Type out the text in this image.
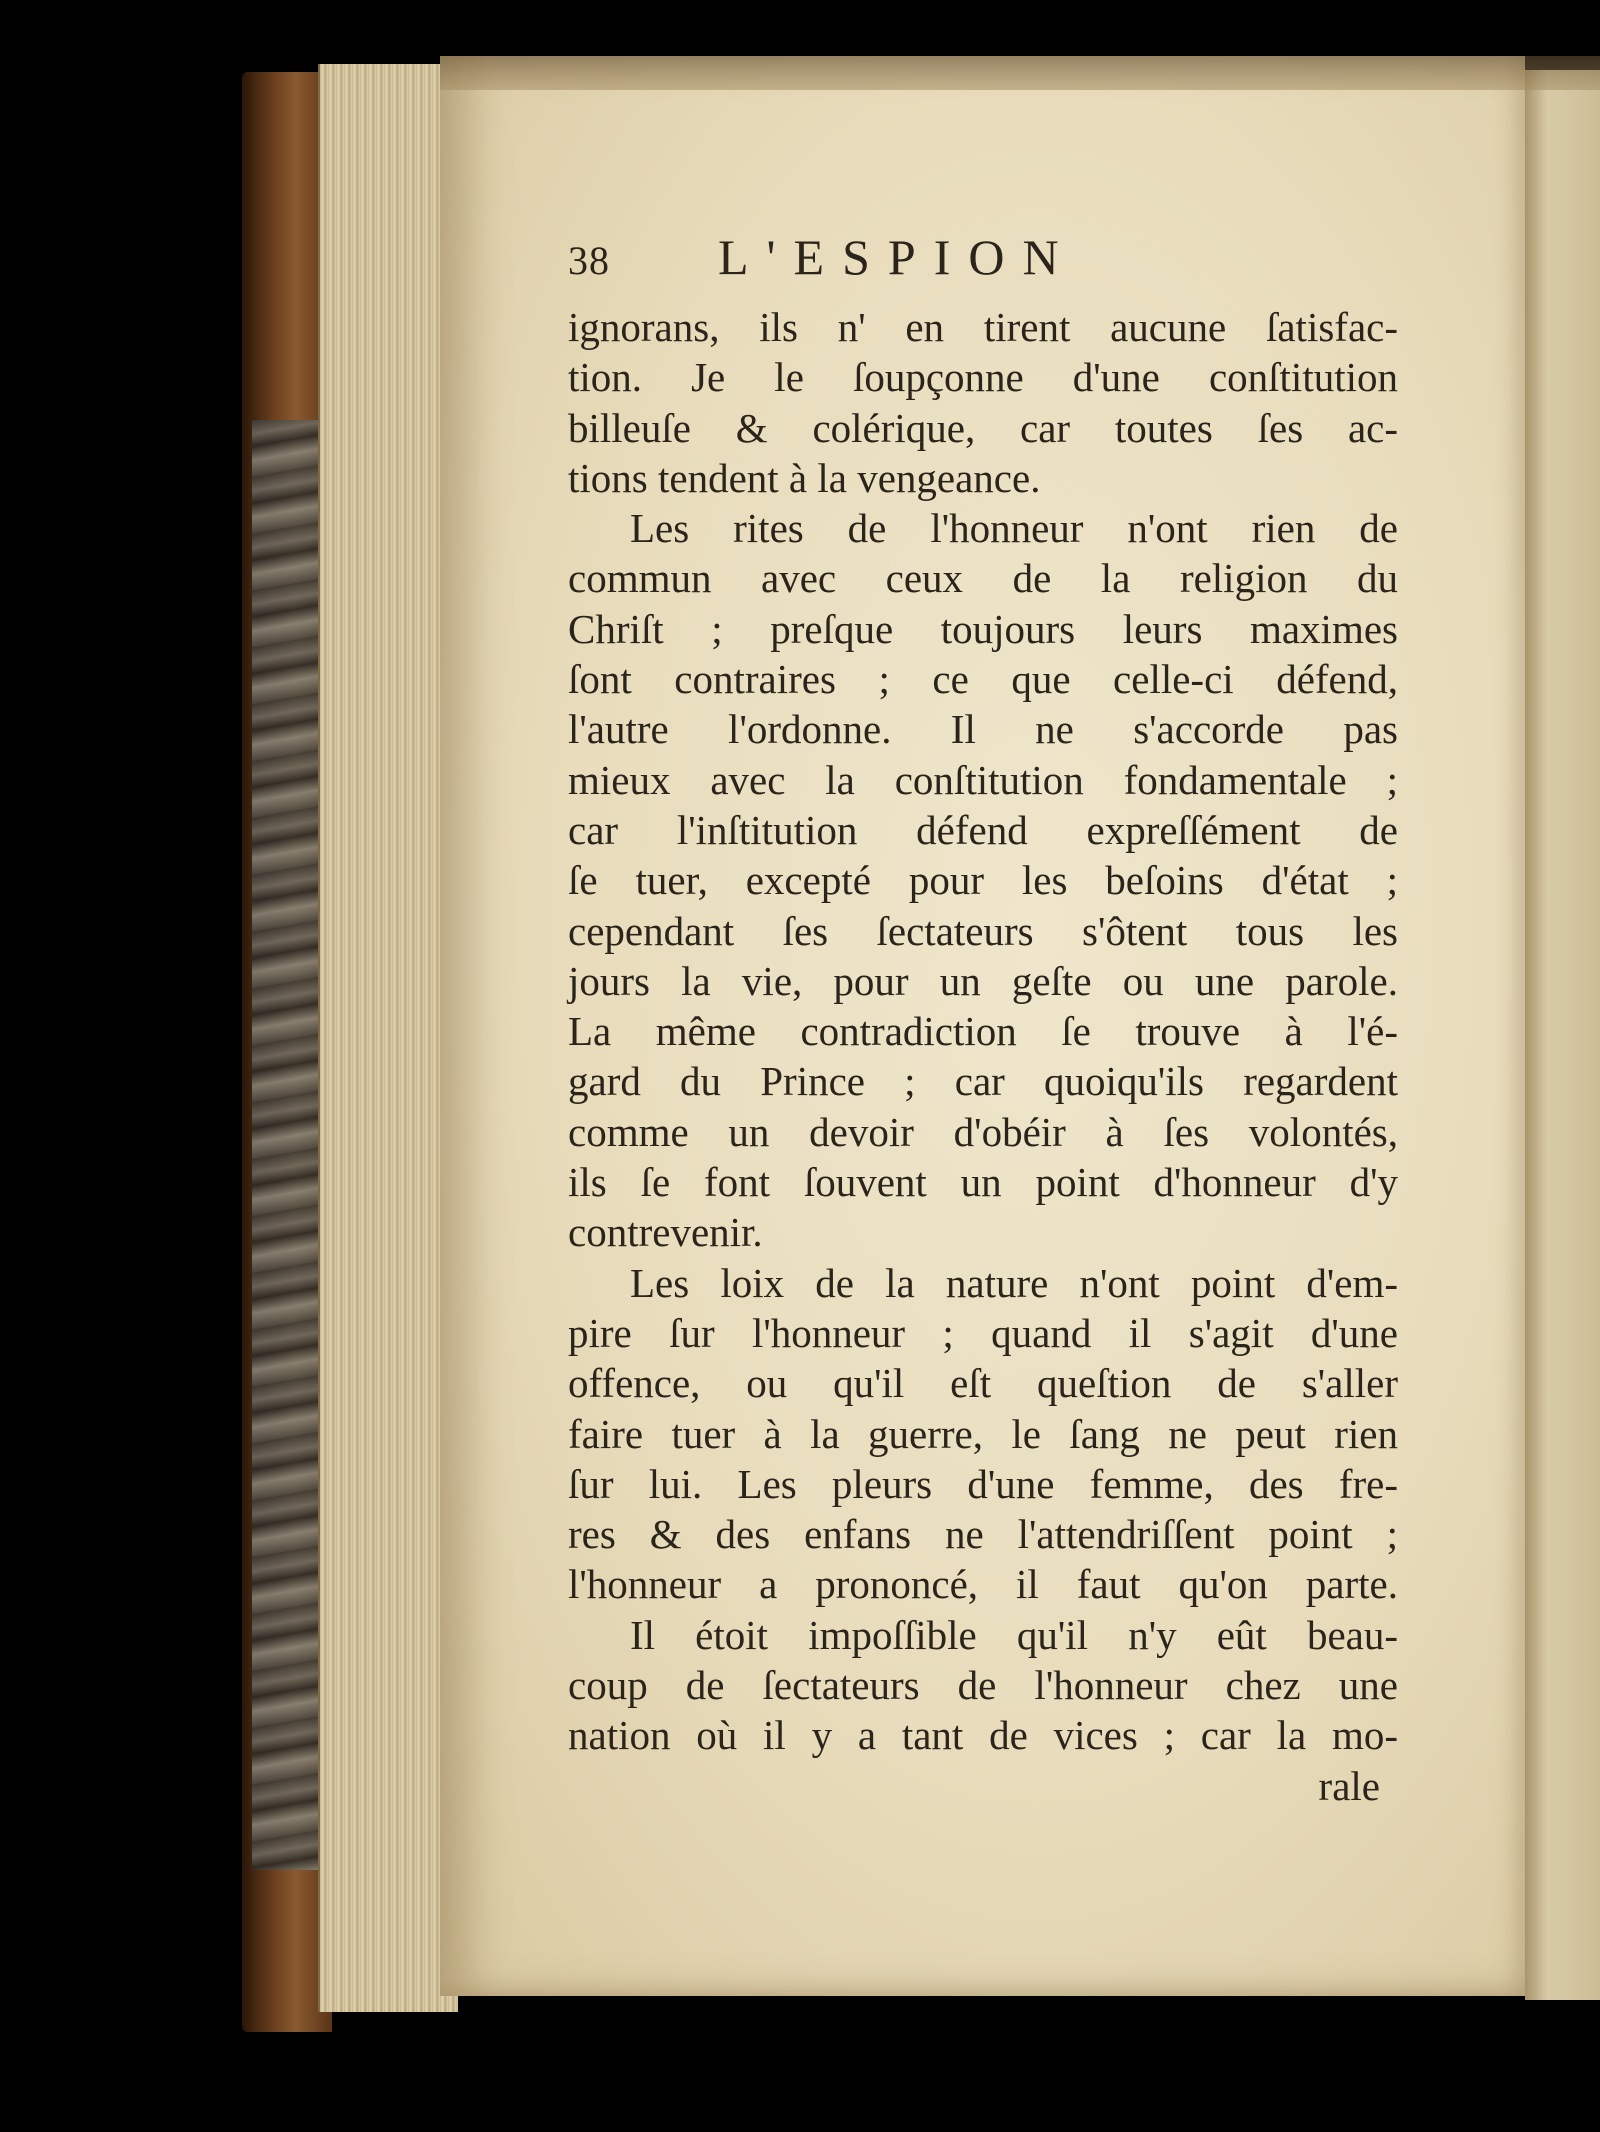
38	L'ESPION
ignorans, ils n' en tirent aucune ſatisfac-
tion. Je le ſoupçonne d'une conſtitution
billeuſe & colérique, car toutes ſes ac-
tions tendent à la vengeance.
Les rites de l'honneur n'ont rien de
commun avec ceux de la religion du
Chriſt ; preſque toujours leurs maximes
ſont contraires ; ce que celle-ci défend,
l'autre l'ordonne. Il ne s'accorde pas
mieux avec la conſtitution fondamentale ;
car l'inſtitution défend expreſſément de
ſe tuer, excepté pour les beſoins d'état ;
cependant ſes ſectateurs s'ôtent tous les
jours la vie, pour un geſte ou une parole.
La même contradiction ſe trouve à l'é-
gard du Prince ; car quoiqu'ils regardent
comme un devoir d'obéir à ſes volontés,
ils ſe font ſouvent un point d'honneur d'y
contrevenir.
Les loix de la nature n'ont point d'em-
pire ſur l'honneur ; quand il s'agit d'une
offence, ou qu'il eſt queſtion de s'aller
faire tuer à la guerre, le ſang ne peut rien
ſur lui. Les pleurs d'une femme, des fre-
res & des enfans ne l'attendriſſent point ;
l'honneur a prononcé, il faut qu'on parte.
Il étoit impoſſible qu'il n'y eût beau-
coup de ſectateurs de l'honneur chez une
nation où il y a tant de vices ; car la mo-
rale
